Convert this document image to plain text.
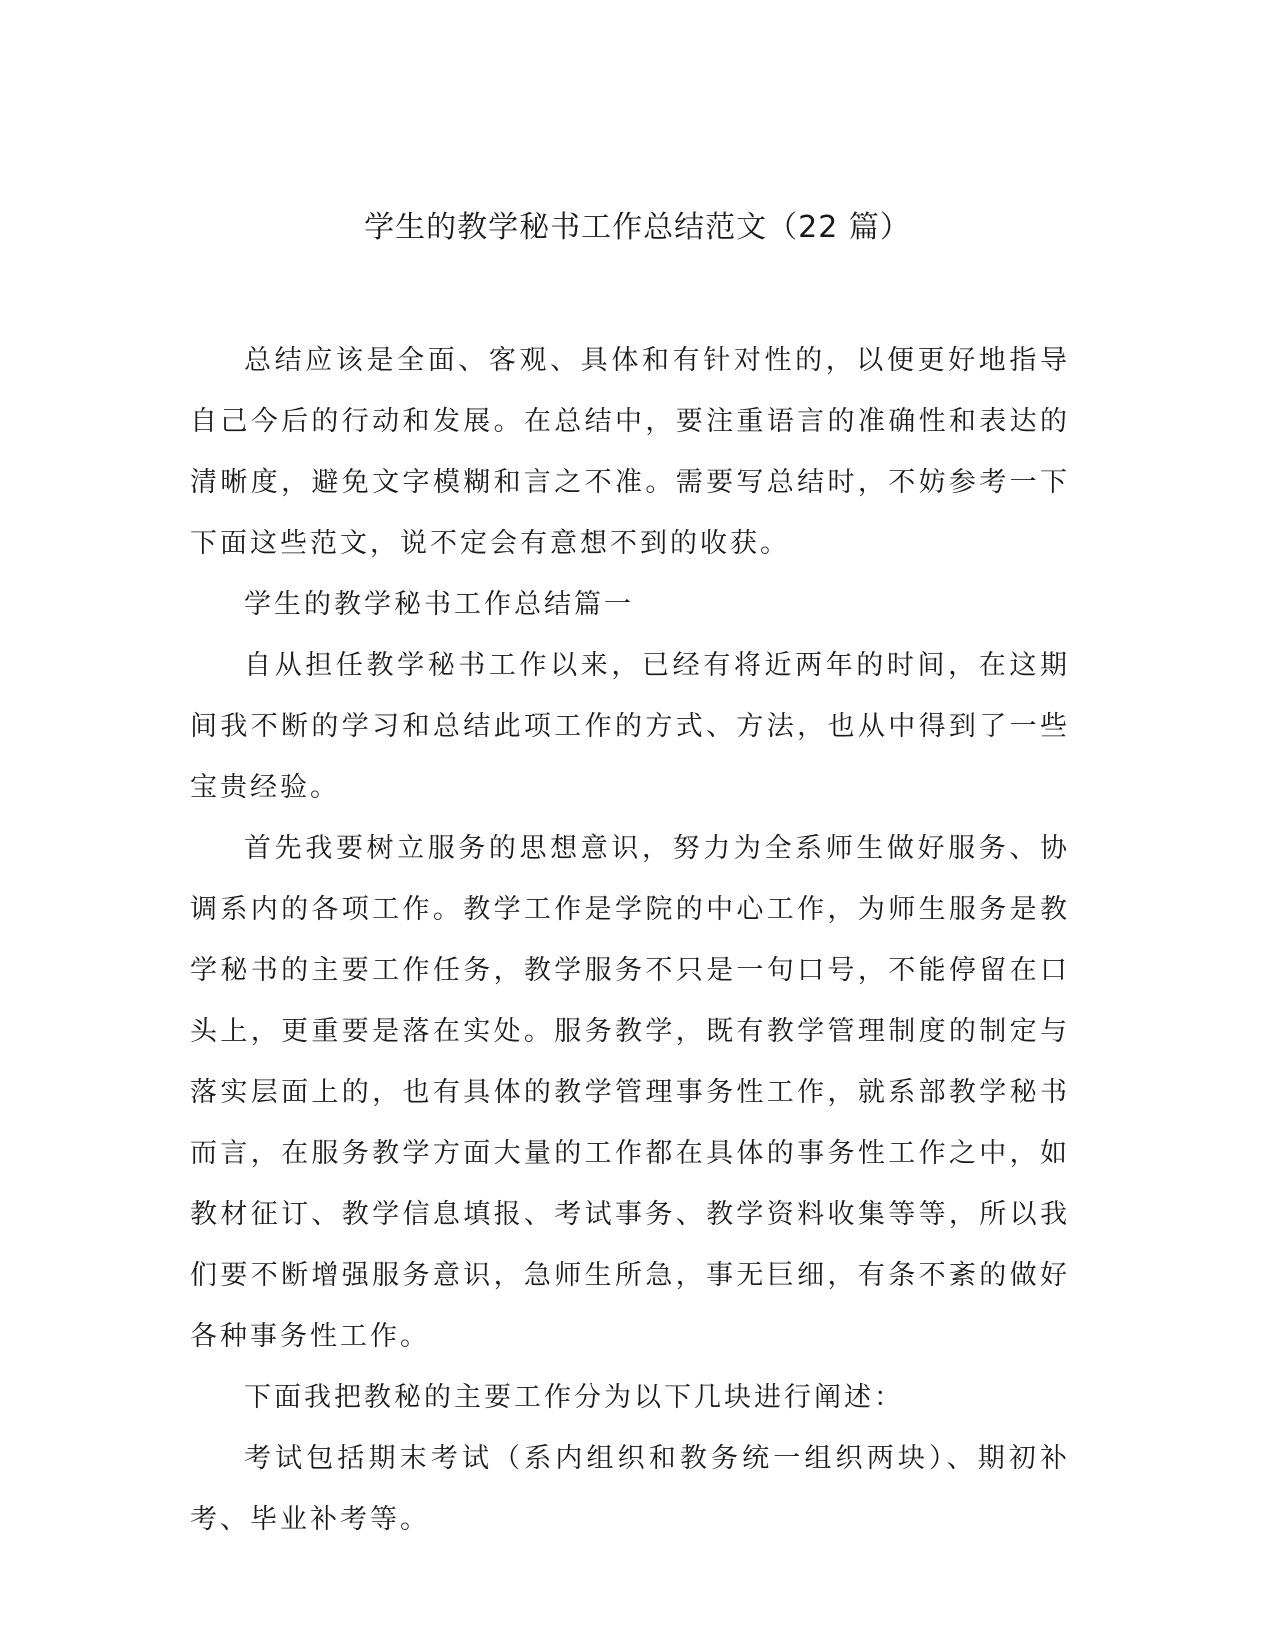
学生的教学秘书工作总结范文（22 篇）

总结应该是全面、客观、具体和有针对性的，以便更好地指导自己今后的行动和发展。在总结中，要注重语言的准确性和表达的清晰度，避免文字模糊和言之不准。需要写总结时，不妨参考一下下面这些范文，说不定会有意想不到的收获。

学生的教学秘书工作总结篇一

自从担任教学秘书工作以来，已经有将近两年的时间，在这期间我不断的学习和总结此项工作的方式、方法，也从中得到了一些宝贵经验。

首先我要树立服务的思想意识，努力为全系师生做好服务、协调系内的各项工作。教学工作是学院的中心工作，为师生服务是教学秘书的主要工作任务，教学服务不只是一句口号，不能停留在口头上，更重要是落在实处。服务教学，既有教学管理制度的制定与落实层面上的，也有具体的教学管理事务性工作，就系部教学秘书而言，在服务教学方面大量的工作都在具体的事务性工作之中，如教材征订、教学信息填报、考试事务、教学资料收集等等，所以我们要不断增强服务意识，急师生所急，事无巨细，有条不紊的做好各种事务性工作。

下面我把教秘的主要工作分为以下几块进行阐述：

考试包括期末考试（系内组织和教务统一组织两块）、期初补考、毕业补考等。
